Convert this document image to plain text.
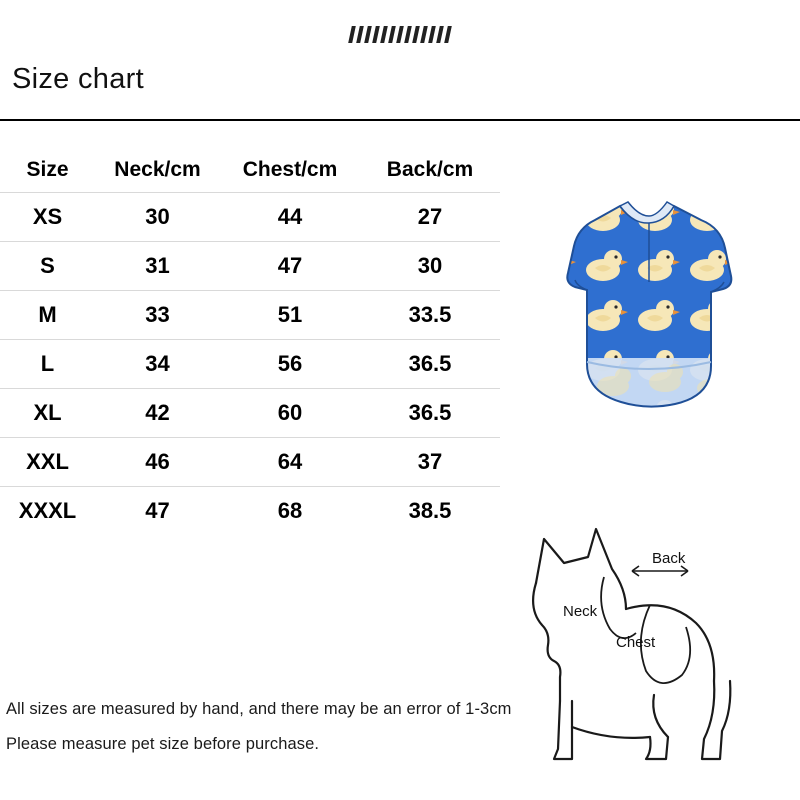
Size chart
Size	Neck/cm	Chest/cm	Back/cm
XS	30	44	27
S	31	47	30
M	33	51	33.5
L	34	56	36.5
XL	42	60	36.5
XXL	46	64	37
XXXL	47	68	38.5
Back
Neck
Chest
All sizes are measured by hand, and there may be an error of 1-3cm
Please measure pet size before purchase.
